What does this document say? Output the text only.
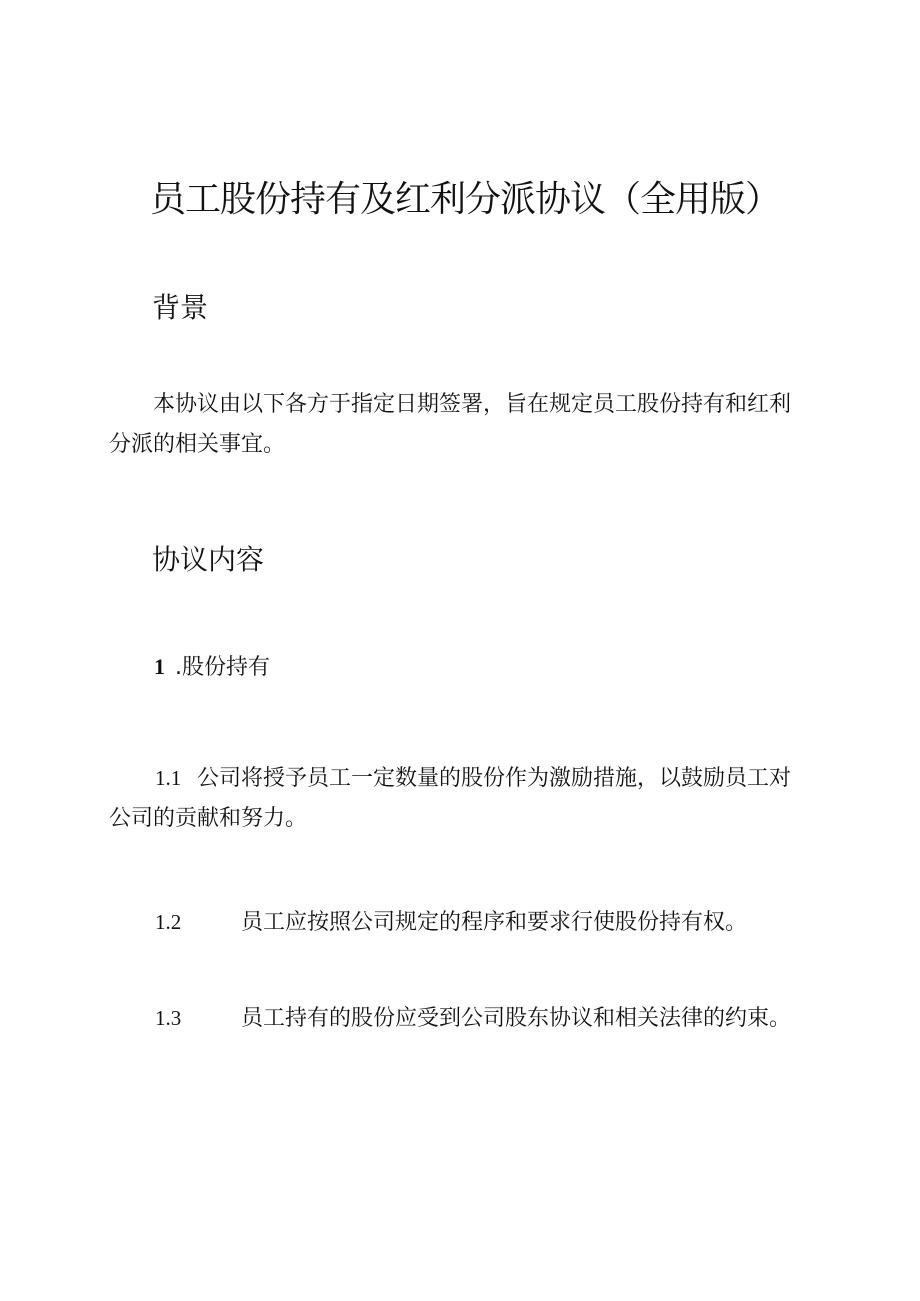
员工股份持有及红利分派协议（全用版）
背景

本协议由以下各方于指定日期签署，旨在规定员工股份持有和红利分派的相关事宜。

协议内容
1 .股份持有

1.1 公司将授予员工一定数量的股份作为激励措施，以鼓励员工对公司的贡献和努力。

1.2	员工应按照公司规定的程序和要求行使股份持有权。

1.3	员工持有的股份应受到公司股东协议和相关法律的约束。
